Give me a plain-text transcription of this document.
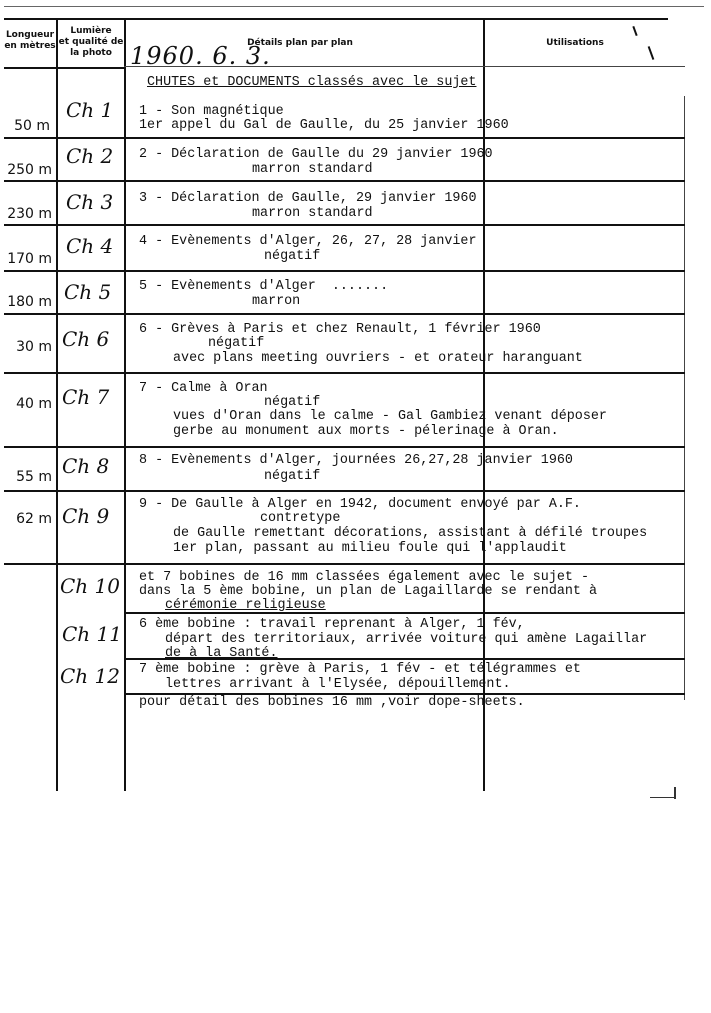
Longueur
en mètres
Lumière
et qualité de
la photo
Détails plan par plan	Utilisations
1960. 6. 3.
CHUTES et DOCUMENTS classés avec le sujet
50 m
Ch 1 1 - Son magnétique
1er appel du Gal de Gaulle, du 25 janvier 1960
250 m
Ch 2 2 - Déclaration de Gaulle du 29 janvier 1960
marron standard
230 m Ch 3 3 - Déclaration de Gaulle, 29 janvier 1960
marron standard
170 m
Ch 4 4 - Evènements d'Alger, 26, 27, 28 janvier
négatif
180 m Ch 5 5 - Evènements d'Alger  .......
marron
30 m Ch 6 6 - Grèves à Paris et chez Renault, 1 février 1960
négatif
avec plans meeting ouvriers - et orateur haranguant
40 m Ch 7 7 - Calme à Oran
négatif
vues d'Oran dans le calme - Gal Gambiez venant déposer
gerbe au monument aux morts - pélerinage à Oran.
55 m Ch 8 8 - Evènements d'Alger, journées 26,27,28 janvier 1960
négatif
62 m Ch 9 9 - De Gaulle à Alger en 1942, document envoyé par A.F.
contretype
de Gaulle remettant décorations, assistant à défilé troupes
1er plan, passant au milieu foule qui l'applaudit
Ch 10 et 7 bobines de 16 mm classées également avec le sujet -
dans la 5 ème bobine, un plan de Lagaillarde se rendant à
cérémonie religieuse
Ch 11 6 ème bobine : travail reprenant à Alger, 1 fév,
départ des territoriaux, arrivée voiture qui amène Lagaillar
de à la Santé.
Ch 12 7 ème bobine : grève à Paris, 1 fév - et télégrammes et
lettres arrivant à l'Elysée, dépouillement.
pour détail des bobines 16 mm ,voir dope-sheets.
